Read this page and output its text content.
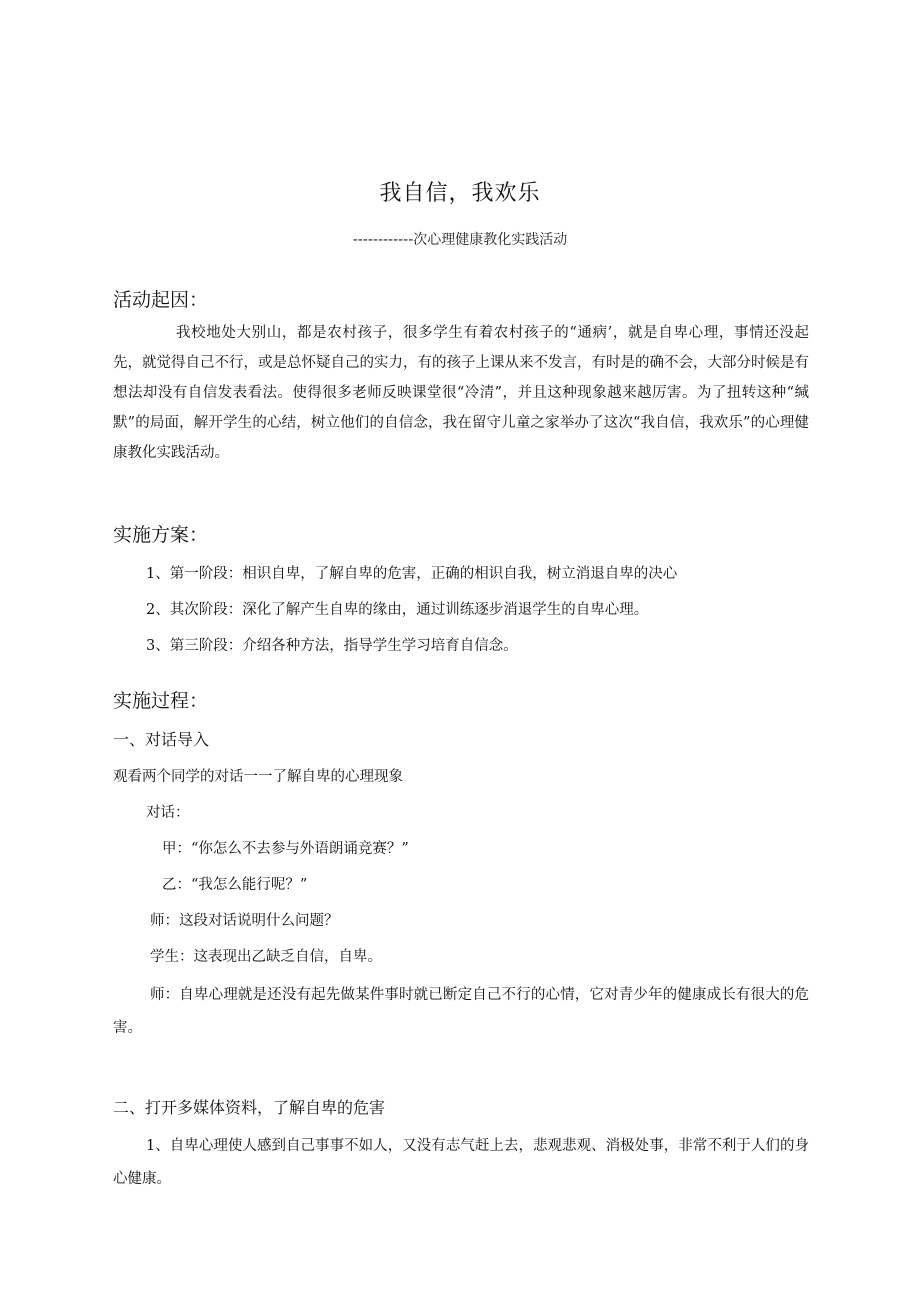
我自信，我欢乐
------------次心理健康教化实践活动
活动起因：

我校地处大别山，都是农村孩子，很多学生有着农村孩子的“通病’，就是自卑心理，事情还没起先，就觉得自己不行，或是总怀疑自己的实力，有的孩子上课从来不发言，有时是的确不会，大部分时候是有想法却没有自信发表看法。使得很多老师反映课堂很“冷清”，并且这种现象越来越厉害。为了扭转这种“缄默”的局面，解开学生的心结，树立他们的自信念，我在留守儿童之家举办了这次“我自信，我欢乐”的心理健康教化实践活动。

实施方案：
1、第一阶段：相识自卑，了解自卑的危害，正确的相识自我，树立消退自卑的决心
2、其次阶段：深化了解产生自卑的缘由，通过训练逐步消退学生的自卑心理。
3、第三阶段：介绍各种方法，指导学生学习培育自信念。
实施过程：
一、对话导入
观看两个同学的对话一一了解自卑的心理现象
对话：
甲：“你怎么不去参与外语朗诵竞赛？”
乙：“我怎么能行呢？”
师：这段对话说明什么问题？
学生：这表现出乙缺乏自信，自卑。

师：自卑心理就是还没有起先做某件事时就已断定自己不行的心情，它对青少年的健康成长有很大的危害。

二、打开多媒体资料，了解自卑的危害

1、自卑心理使人感到自己事事不如人，又没有志气赶上去，悲观悲观、消极处事，非常不利于人们的身心健康。
